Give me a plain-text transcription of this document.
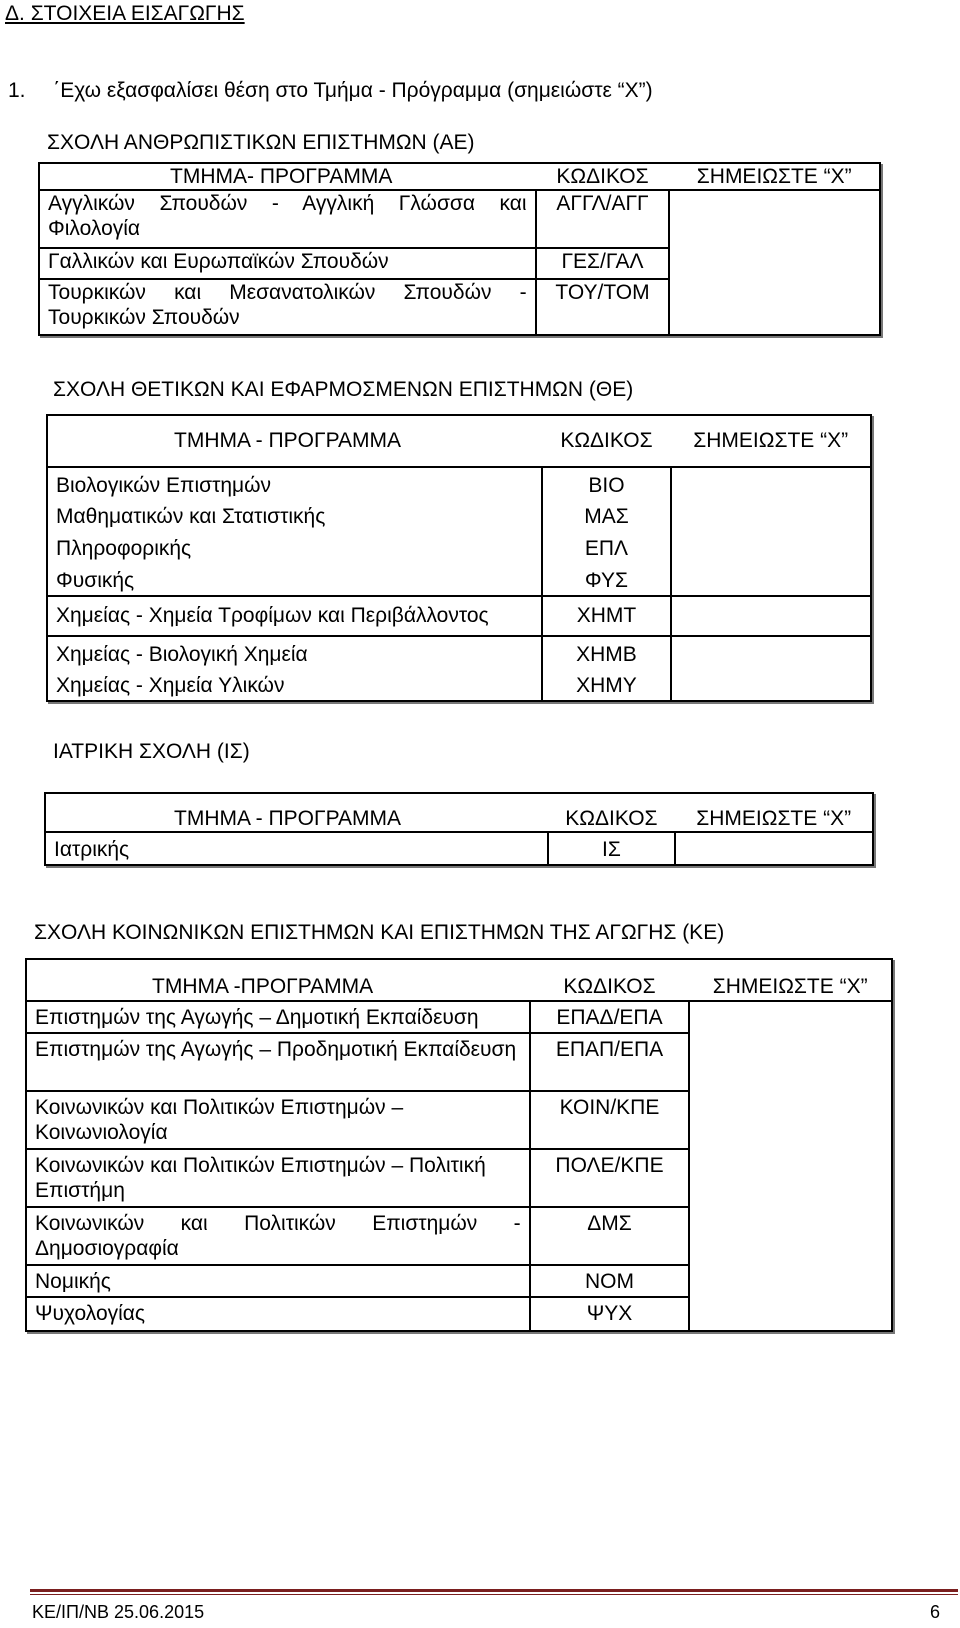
Δ. ΣΤΟΙΧΕΙΑ ΕΙΣΑΓΩΓΗΣ
1. ΄Εχω εξασφαλίσει θέση στο Τμήμα - Πρόγραμμα (σημειώστε “Χ”)
ΣΧΟΛΗ ΑΝΘΡΩΠΙΣΤΙΚΩΝ ΕΠΙΣΤΗΜΩΝ (ΑΕ)
ΤΜΗΜΑ- ΠΡΟΓΡΑΜΜΑ	ΚΩΔΙΚΟΣ	ΣΗΜΕΙΩΣΤΕ “Χ”
Αγγλικών Σπουδών - Αγγλική Γλώσσα και Φιλολογία	ΑΓΓΛ/ΑΓΓ	
Γαλλικών και Ευρωπαϊκών Σπουδών	ΓΕΣ/ΓΑΛ	
Τουρκικών και Μεσανατολικών Σπουδών - Τουρκικών Σπουδών	ΤΟΥ/ΤΟΜ	
ΣΧΟΛΗ ΘΕΤΙΚΩΝ ΚΑΙ ΕΦΑΡΜΟΣΜΕΝΩΝ ΕΠΙΣΤΗΜΩΝ (ΘΕ)
ΤΜΗΜΑ - ΠΡΟΓΡΑΜΜΑ	ΚΩΔΙΚΟΣ	ΣΗΜΕΙΩΣΤΕ “Χ”
Βιολογικών Επιστημών	ΒΙΟ	
Μαθηματικών και Στατιστικής	ΜΑΣ	
Πληροφορικής	ΕΠΛ	
Φυσικής	ΦΥΣ	
Χημείας - Χημεία Τροφίμων και Περιβάλλοντος	ΧΗΜΤ	
Χημείας - Βιολογική Χημεία	ΧΗΜΒ	
Χημείας - Χημεία Υλικών	ΧΗΜΥ	
ΙΑΤΡΙΚΗ ΣΧΟΛΗ (ΙΣ)
ΤΜΗΜΑ - ΠΡΟΓΡΑΜΜΑ	ΚΩΔΙΚΟΣ	ΣΗΜΕΙΩΣΤΕ “Χ”
Ιατρικής	ΙΣ	
ΣΧΟΛΗ ΚΟΙΝΩΝΙΚΩΝ ΕΠΙΣΤΗΜΩΝ ΚΑΙ ΕΠΙΣΤΗΜΩΝ ΤΗΣ ΑΓΩΓΗΣ (ΚΕ)
ΤΜΗΜΑ -ΠΡΟΓΡΑΜΜΑ	ΚΩΔΙΚΟΣ	ΣΗΜΕΙΩΣΤΕ “Χ”
Επιστημών της Αγωγής – Δημοτική Εκπαίδευση	ΕΠΑΔ/ΕΠΑ	
Επιστημών της Αγωγής – Προδημοτική Εκπαίδευση	ΕΠΑΠ/ΕΠΑ	
Κοινωνικών και Πολιτικών Επιστημών – Κοινωνιολογία	ΚΟΙΝ/ΚΠΕ	
Κοινωνικών και Πολιτικών Επιστημών – Πολιτική Επιστήμη	ΠΟΛΕ/ΚΠΕ	
Κοινωνικών και Πολιτικών Επιστημών - Δημοσιογραφία	ΔΜΣ	
Νομικής	ΝΟΜ	
Ψυχολογίας	ΨΥΧ	
ΚΕ/ΙΠ/ΝΒ 25.06.2015	6
